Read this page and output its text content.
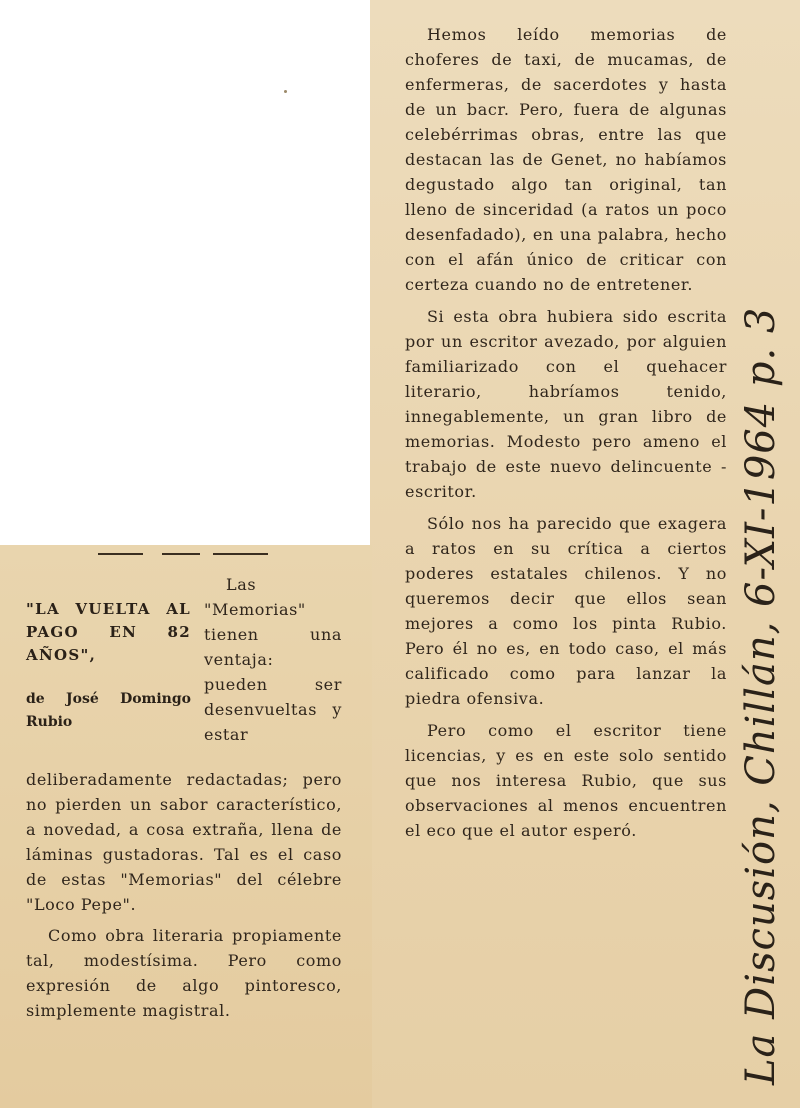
Hemos leído memorias de choferes de taxi, de mucamas, de enfermeras, de sacerdotes y hasta de un bacr. Pero, fuera de algunas celebérrimas obras, entre las que destacan las de Genet, no habíamos degustado algo tan original, tan lleno de sinceridad (a ratos un poco desenfadado), en una palabra, hecho con el afán único de criticar con certeza cuando no de entretener.

Si esta obra hubiera sido escrita por un escritor avezado, por alguien familiarizado con el quehacer literario, habríamos tenido, innegablemente, un gran libro de memorias. Modesto pero ameno el trabajo de este nuevo delincuente - escritor.

Sólo nos ha parecido que exagera a ratos en su crítica a ciertos poderes estatales chilenos. Y no queremos decir que ellos sean mejores a como los pinta Rubio. Pero él no es, en todo caso, el más calificado como para lanzar la piedra ofensiva.

Pero como el escritor tiene licencias, y es en este solo sentido que nos interesa Rubio, que sus observaciones al menos encuentren el eco que el autor esperó.

"LA VUELTA AL PAGO EN 82 AÑOS",
de José Domingo Rubio

Las "Memorias" tienen una ventaja: pueden ser desenvueltas y estar

deliberadamente redactadas; pero no pierden un sabor característico, a novedad, a cosa extraña, llena de láminas gustadoras. Tal es el caso de estas "Memorias" del célebre "Loco Pepe".

Como obra literaria propiamente tal, modestísima. Pero como expresión de algo pintoresco, simplemente magistral.	La Discusión, Chillán, 6-XI-1964 p. 3
